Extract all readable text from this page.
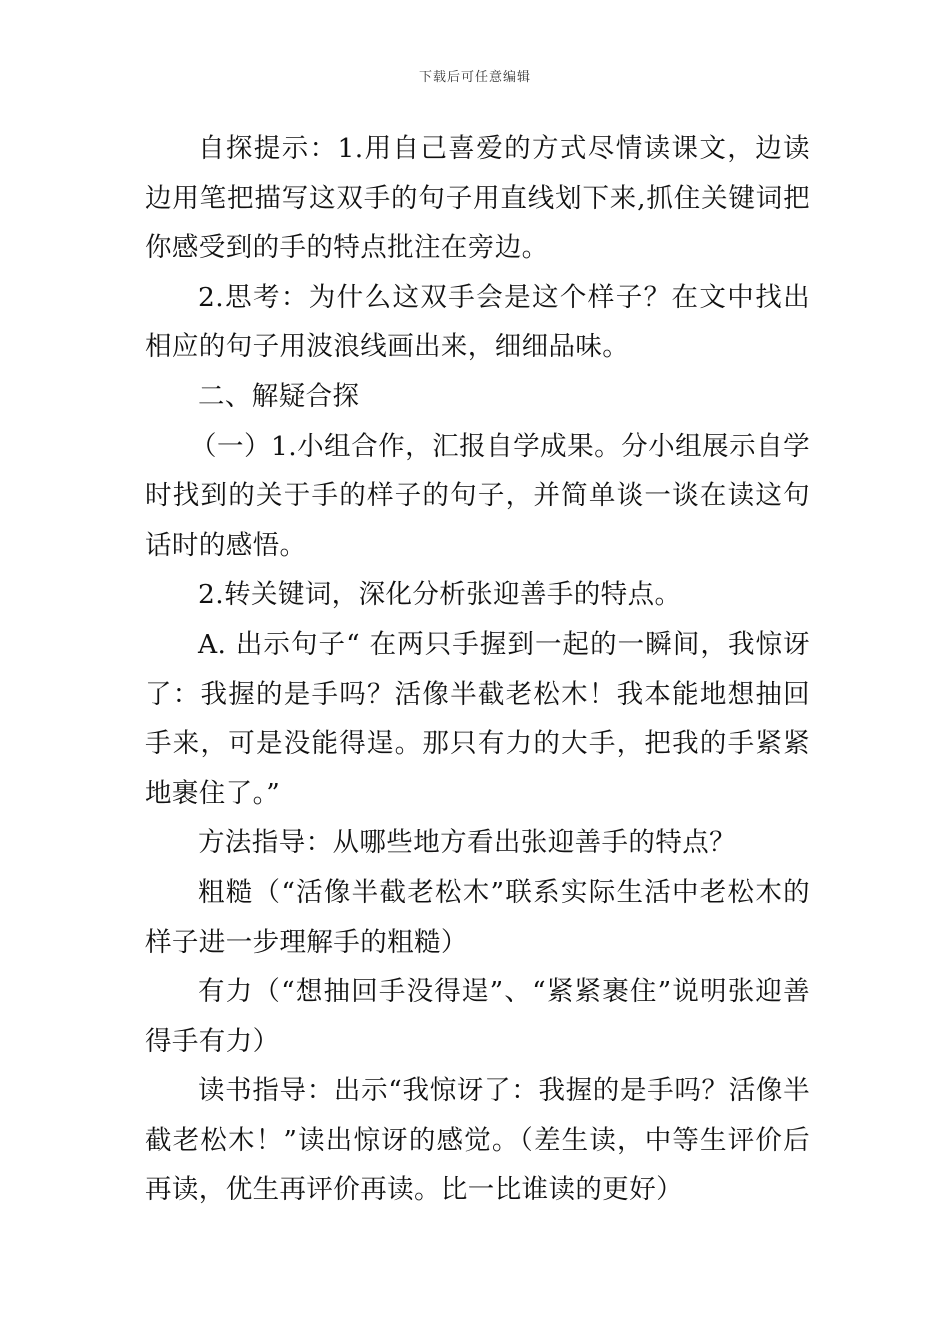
下载后可任意编辑

自探提示：1.用自己喜爱的方式尽情读课文，边读边用笔把描写这双手的句子用直线划下来,抓住关键词把你感受到的手的特点批注在旁边。

2.思考：为什么这双手会是这个样子？在文中找出相应的句子用波浪线画出来，细细品味。

二、解疑合探

（一）1.小组合作，汇报自学成果。分小组展示自学时找到的关于手的样子的句子，并简单谈一谈在读这句话时的感悟。

2.转关键词，深化分析张迎善手的特点。

A. 出示句子“ 在两只手握到一起的一瞬间，我惊讶了：我握的是手吗？活像半截老松木！我本能地想抽回手来，可是没能得逞。那只有力的大手，把我的手紧紧地裹住了。”

方法指导：从哪些地方看出张迎善手的特点？

粗糙（“活像半截老松木”联系实际生活中老松木的样子进一步理解手的粗糙）

有力（“想抽回手没得逞”、“紧紧裹住”说明张迎善得手有力）

读书指导：出示“我惊讶了：我握的是手吗？活像半截老松木！”读出惊讶的感觉。（差生读，中等生评价后再读，优生再评价再读。比一比谁读的更好）
